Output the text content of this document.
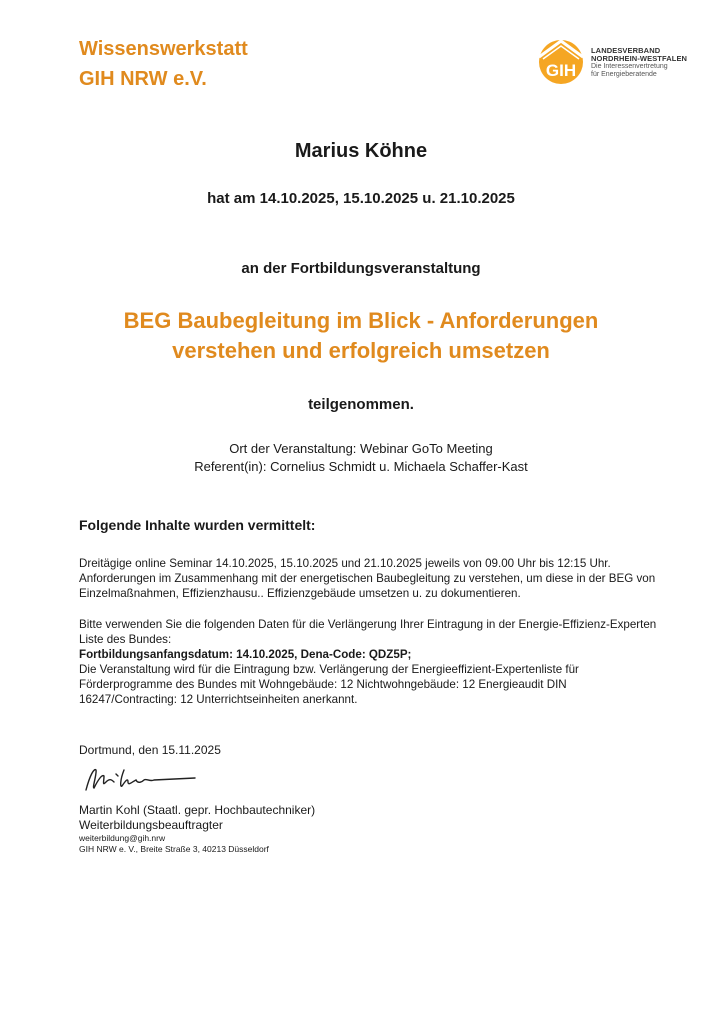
Wissenswerkstatt
GIH NRW e.V.	GIH
LANDESVERBAND
NORDRHEIN-WESTFALEN
Die Interessenvertretung
für Energieberatende
Marius Köhne
hat am 14.10.2025, 15.10.2025 u. 21.10.2025
an der Fortbildungsveranstaltung
BEG Baubegleitung im Blick - Anforderungen
verstehen und erfolgreich umsetzen
teilgenommen.
Ort der Veranstaltung: Webinar GoTo Meeting
Referent(in): Cornelius Schmidt u. Michaela Schaffer-Kast
Folgende Inhalte wurden vermittelt:
Dreitägige online Seminar 14.10.2025, 15.10.2025 und 21.10.2025 jeweils von 09.00 Uhr bis 12:15 Uhr.
Anforderungen im Zusammenhang mit der energetischen Baubegleitung zu verstehen, um diese in der BEG von
Einzelmaßnahmen, Effizienzhausu.. Effizienzgebäude umsetzen u. zu dokumentieren.
Bitte verwenden Sie die folgenden Daten für die Verlängerung Ihrer Eintragung in der Energie-Effizienz-Experten
Liste des Bundes:
Fortbildungsanfangsdatum: 14.10.2025, Dena-Code: QDZ5P;
Die Veranstaltung wird für die Eintragung bzw. Verlängerung der Energieeffizient-Expertenliste für
Förderprogramme des Bundes mit Wohngebäude: 12 Nichtwohngebäude: 12 Energieaudit DIN
16247/Contracting: 12 Unterrichtseinheiten anerkannt.
Dortmund, den 15.11.2025
Martin Kohl (Staatl. gepr. Hochbautechniker)
Weiterbildungsbeauftragter
weiterbildung@gih.nrw
GIH NRW e. V., Breite Straße 3, 40213 Düsseldorf
